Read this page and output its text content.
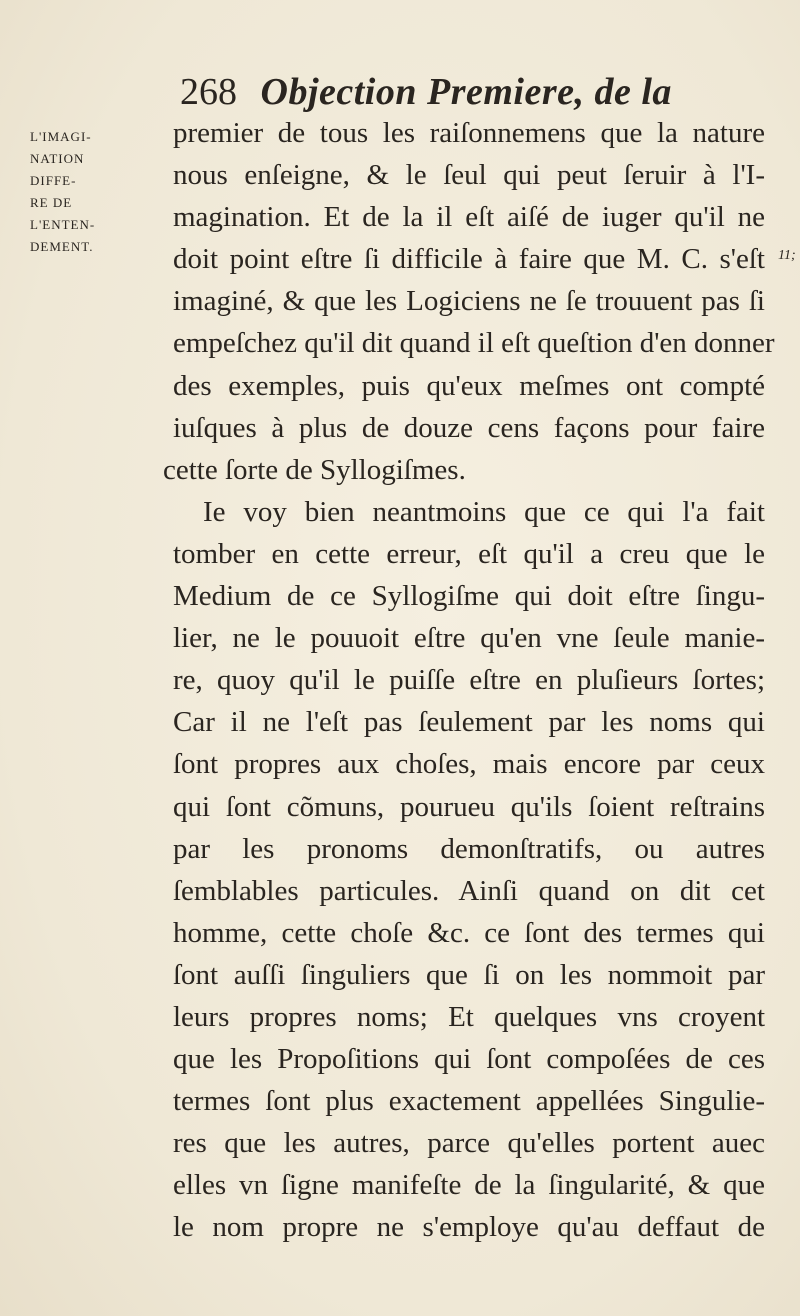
268 Objection Premiere, de la
L'IMAGI-
NATION
DIFFE-
RE DE
L'ENTEN-
DEMENT.
11;
premier de tous les raiſonnemens que la nature
nous enſeigne, & le ſeul qui peut ſeruir à l'I-
magination. Et de la il eſt aiſé de iuger qu'il ne
doit point eſtre ſi difficile à faire que M. C. s'eſt
imaginé, & que les Logiciens ne ſe trouuent pas ſi
empeſchez qu'il dit quand il eſt queſtion d'en donner
des exemples, puis qu'eux meſmes ont compté
iuſques à plus de douze cens façons pour faire
cette ſorte de Syllogiſmes.
Ie voy bien neantmoins que ce qui l'a fait
tomber en cette erreur, eſt qu'il a creu que le
Medium de ce Syllogiſme qui doit eſtre ſingu-
lier, ne le pouuoit eſtre qu'en vne ſeule manie-
re, quoy qu'il le puiſſe eſtre en pluſieurs ſortes;
Car il ne l'eſt pas ſeulement par les noms qui
ſont propres aux choſes, mais encore par ceux
qui ſont cõmuns, pourueu qu'ils ſoient reſtrains
par les pronoms demonſtratifs, ou autres
ſemblables particules. Ainſi quand on dit cet
homme, cette choſe &c. ce ſont des termes qui
ſont auſſi ſinguliers que ſi on les nommoit par
leurs propres noms; Et quelques vns croyent
que les Propoſitions qui ſont compoſées de ces
termes ſont plus exactement appellées Singulie-
res que les autres, parce qu'elles portent auec
elles vn ſigne manifeſte de la ſingularité, & que
le nom propre ne s'employe qu'au deffaut de
